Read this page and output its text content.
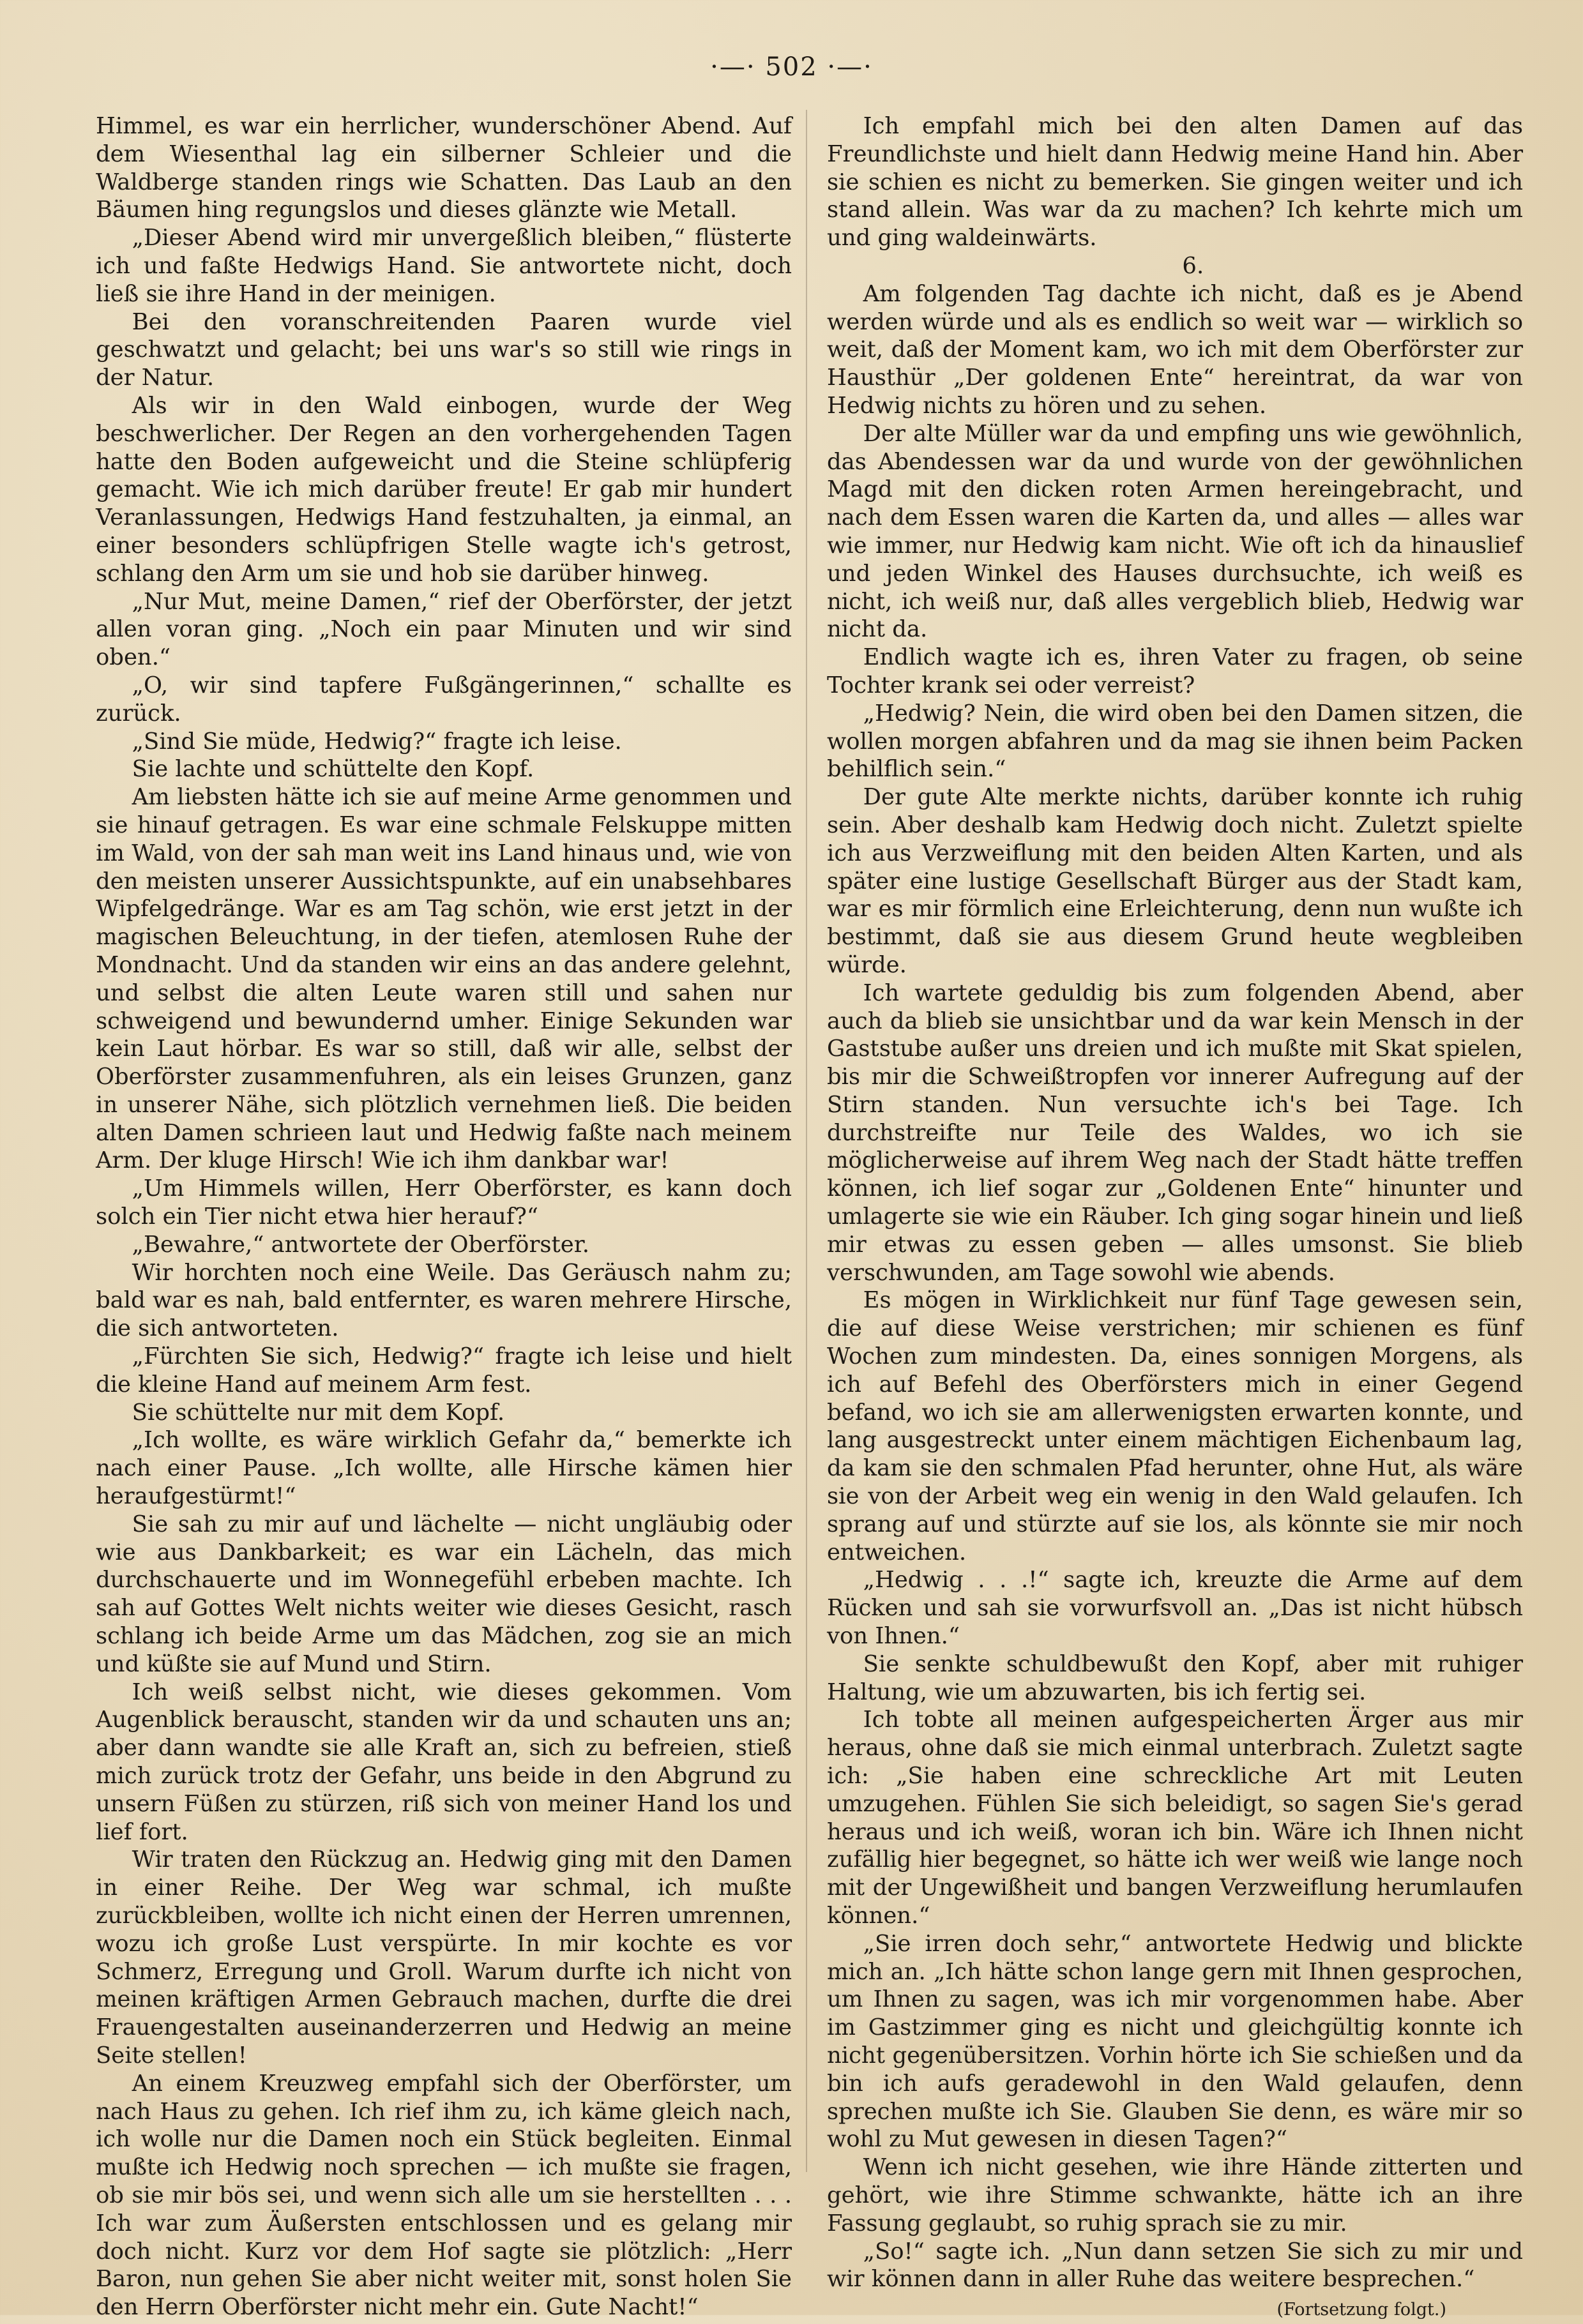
·—· 502 ·—·

Himmel, es war ein herrlicher, wunderschöner Abend. Auf dem Wiesenthal lag ein silberner Schleier und die Waldberge standen rings wie Schatten. Das Laub an den Bäumen hing regungslos und dieses glänzte wie Metall.

„Dieser Abend wird mir unvergeßlich bleiben,“ flüsterte ich und faßte Hedwigs Hand. Sie antwortete nicht, doch ließ sie ihre Hand in der meinigen.

Bei den voranschreitenden Paaren wurde viel geschwatzt und gelacht; bei uns war's so still wie rings in der Natur.

Als wir in den Wald einbogen, wurde der Weg beschwerlicher. Der Regen an den vorhergehenden Tagen hatte den Boden aufgeweicht und die Steine schlüpferig gemacht. Wie ich mich darüber freute! Er gab mir hundert Veranlassungen, Hedwigs Hand festzuhalten, ja einmal, an einer besonders schlüpfrigen Stelle wagte ich's getrost, schlang den Arm um sie und hob sie darüber hinweg.

„Nur Mut, meine Damen,“ rief der Oberförster, der jetzt allen voran ging. „Noch ein paar Minuten und wir sind oben.“

„O, wir sind tapfere Fußgängerinnen,“ schallte es zurück.

„Sind Sie müde, Hedwig?“ fragte ich leise.

Sie lachte und schüttelte den Kopf.

Am liebsten hätte ich sie auf meine Arme genommen und sie hinauf getragen. Es war eine schmale Felskuppe mitten im Wald, von der sah man weit ins Land hinaus und, wie von den meisten unserer Aussichtspunkte, auf ein unabsehbares Wipfelgedränge. War es am Tag schön, wie erst jetzt in der magischen Beleuchtung, in der tiefen, atemlosen Ruhe der Mondnacht. Und da standen wir eins an das andere gelehnt, und selbst die alten Leute waren still und sahen nur schweigend und bewundernd umher. Einige Sekunden war kein Laut hörbar. Es war so still, daß wir alle, selbst der Oberförster zusammenfuhren, als ein leises Grunzen, ganz in unserer Nähe, sich plötzlich vernehmen ließ. Die beiden alten Damen schrieen laut und Hedwig faßte nach meinem Arm. Der kluge Hirsch! Wie ich ihm dankbar war!

„Um Himmels willen, Herr Oberförster, es kann doch solch ein Tier nicht etwa hier herauf?“

„Bewahre,“ antwortete der Oberförster.

Wir horchten noch eine Weile. Das Geräusch nahm zu; bald war es nah, bald entfernter, es waren mehrere Hirsche, die sich antworteten.

„Fürchten Sie sich, Hedwig?“ fragte ich leise und hielt die kleine Hand auf meinem Arm fest.

Sie schüttelte nur mit dem Kopf.

„Ich wollte, es wäre wirklich Gefahr da,“ bemerkte ich nach einer Pause. „Ich wollte, alle Hirsche kämen hier heraufgestürmt!“

Sie sah zu mir auf und lächelte — nicht ungläubig oder wie aus Dankbarkeit; es war ein Lächeln, das mich durchschauerte und im Wonnegefühl erbeben machte. Ich sah auf Gottes Welt nichts weiter wie dieses Gesicht, rasch schlang ich beide Arme um das Mädchen, zog sie an mich und küßte sie auf Mund und Stirn.

Ich weiß selbst nicht, wie dieses gekommen. Vom Augenblick berauscht, standen wir da und schauten uns an; aber dann wandte sie alle Kraft an, sich zu befreien, stieß mich zurück trotz der Gefahr, uns beide in den Abgrund zu unsern Füßen zu stürzen, riß sich von meiner Hand los und lief fort.

Wir traten den Rückzug an. Hedwig ging mit den Damen in einer Reihe. Der Weg war schmal, ich mußte zurückbleiben, wollte ich nicht einen der Herren umrennen, wozu ich große Lust verspürte. In mir kochte es vor Schmerz, Erregung und Groll. Warum durfte ich nicht von meinen kräftigen Armen Gebrauch machen, durfte die drei Frauengestalten auseinanderzerren und Hedwig an meine Seite stellen!

An einem Kreuzweg empfahl sich der Oberförster, um nach Haus zu gehen. Ich rief ihm zu, ich käme gleich nach, ich wolle nur die Damen noch ein Stück begleiten. Einmal mußte ich Hedwig noch sprechen — ich mußte sie fragen, ob sie mir bös sei, und wenn sich alle um sie herstellten . . . Ich war zum Äußersten entschlossen und es gelang mir doch nicht. Kurz vor dem Hof sagte sie plötzlich: „Herr Baron, nun gehen Sie aber nicht weiter mit, sonst holen Sie den Herrn Oberförster nicht mehr ein. Gute Nacht!“

Ich empfahl mich bei den alten Damen auf das Freundlichste und hielt dann Hedwig meine Hand hin. Aber sie schien es nicht zu bemerken. Sie gingen weiter und ich stand allein. Was war da zu machen? Ich kehrte mich um und ging waldeinwärts.

6.

Am folgenden Tag dachte ich nicht, daß es je Abend werden würde und als es endlich so weit war — wirklich so weit, daß der Moment kam, wo ich mit dem Oberförster zur Hausthür „Der goldenen Ente“ hereintrat, da war von Hedwig nichts zu hören und zu sehen.

Der alte Müller war da und empfing uns wie gewöhnlich, das Abendessen war da und wurde von der gewöhnlichen Magd mit den dicken roten Armen hereingebracht, und nach dem Essen waren die Karten da, und alles — alles war wie immer, nur Hedwig kam nicht. Wie oft ich da hinauslief und jeden Winkel des Hauses durchsuchte, ich weiß es nicht, ich weiß nur, daß alles vergeblich blieb, Hedwig war nicht da.

Endlich wagte ich es, ihren Vater zu fragen, ob seine Tochter krank sei oder verreist?

„Hedwig? Nein, die wird oben bei den Damen sitzen, die wollen morgen abfahren und da mag sie ihnen beim Packen behilflich sein.“

Der gute Alte merkte nichts, darüber konnte ich ruhig sein. Aber deshalb kam Hedwig doch nicht. Zuletzt spielte ich aus Verzweiflung mit den beiden Alten Karten, und als später eine lustige Gesellschaft Bürger aus der Stadt kam, war es mir förmlich eine Erleichterung, denn nun wußte ich bestimmt, daß sie aus diesem Grund heute wegbleiben würde.

Ich wartete geduldig bis zum folgenden Abend, aber auch da blieb sie unsichtbar und da war kein Mensch in der Gaststube außer uns dreien und ich mußte mit Skat spielen, bis mir die Schweißtropfen vor innerer Aufregung auf der Stirn standen. Nun versuchte ich's bei Tage. Ich durchstreifte nur Teile des Waldes, wo ich sie möglicherweise auf ihrem Weg nach der Stadt hätte treffen können, ich lief sogar zur „Goldenen Ente“ hinunter und umlagerte sie wie ein Räuber. Ich ging sogar hinein und ließ mir etwas zu essen geben — alles umsonst. Sie blieb verschwunden, am Tage sowohl wie abends.

Es mögen in Wirklichkeit nur fünf Tage gewesen sein, die auf diese Weise verstrichen; mir schienen es fünf Wochen zum mindesten. Da, eines sonnigen Morgens, als ich auf Befehl des Oberförsters mich in einer Gegend befand, wo ich sie am allerwenigsten erwarten konnte, und lang ausgestreckt unter einem mächtigen Eichenbaum lag, da kam sie den schmalen Pfad herunter, ohne Hut, als wäre sie von der Arbeit weg ein wenig in den Wald gelaufen. Ich sprang auf und stürzte auf sie los, als könnte sie mir noch entweichen.

„Hedwig . . .!“ sagte ich, kreuzte die Arme auf dem Rücken und sah sie vorwurfsvoll an. „Das ist nicht hübsch von Ihnen.“

Sie senkte schuldbewußt den Kopf, aber mit ruhiger Haltung, wie um abzuwarten, bis ich fertig sei.

Ich tobte all meinen aufgespeicherten Ärger aus mir heraus, ohne daß sie mich einmal unterbrach. Zuletzt sagte ich: „Sie haben eine schreckliche Art mit Leuten umzugehen. Fühlen Sie sich beleidigt, so sagen Sie's gerad heraus und ich weiß, woran ich bin. Wäre ich Ihnen nicht zufällig hier begegnet, so hätte ich wer weiß wie lange noch mit der Ungewißheit und bangen Verzweiflung herumlaufen können.“

„Sie irren doch sehr,“ antwortete Hedwig und blickte mich an. „Ich hätte schon lange gern mit Ihnen gesprochen, um Ihnen zu sagen, was ich mir vorgenommen habe. Aber im Gastzimmer ging es nicht und gleichgültig konnte ich nicht gegenübersitzen. Vorhin hörte ich Sie schießen und da bin ich aufs geradewohl in den Wald gelaufen, denn sprechen mußte ich Sie. Glauben Sie denn, es wäre mir so wohl zu Mut gewesen in diesen Tagen?“

Wenn ich nicht gesehen, wie ihre Hände zitterten und gehört, wie ihre Stimme schwankte, hätte ich an ihre Fassung geglaubt, so ruhig sprach sie zu mir.

„So!“ sagte ich. „Nun dann setzen Sie sich zu mir und wir können dann in aller Ruhe das weitere besprechen.“

(Fortsetzung folgt.)
